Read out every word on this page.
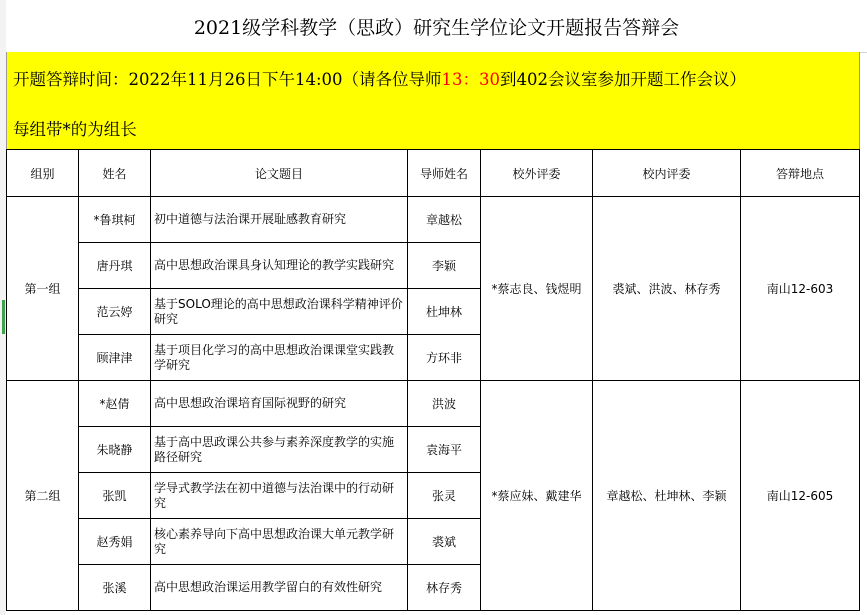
2021级学科教学（思政）研究生学位论文开题报告答辩会
开题答辩时间：2022年11月26日下午14:00（请各位导师13：30到402会议室参加开题工作会议）
每组带*的为组长
组别	姓名	论文题目	导师姓名	校外评委	校内评委	答辩地点
第一组	*鲁琪柯	初中道德与法治课开展耻感教育研究	章越松	*蔡志良、钱煜明	裘斌、洪波、林存秀	南山12-603
	唐丹琪	高中思想政治课具身认知理论的教学实践研究	李颖			
	范云婷	基于SOLO理论的高中思想政治课科学精神评价研究	杜坤林			
	顾津津	基于项目化学习的高中思想政治课课堂实践教学研究	方环非			
第二组	*赵倩	高中思想政治课培育国际视野的研究	洪波	*蔡应妹、戴建华	章越松、杜坤林、李颖	南山12-605
	朱晓静	基于高中思政课公共参与素养深度教学的实施路径研究	袁海平			
	张凯	学导式教学法在初中道德与法治课中的行动研究	张灵			
	赵秀娟	核心素养导向下高中思想政治课大单元教学研究	裘斌			
	张溪	高中思想政治课运用教学留白的有效性研究	林存秀			
